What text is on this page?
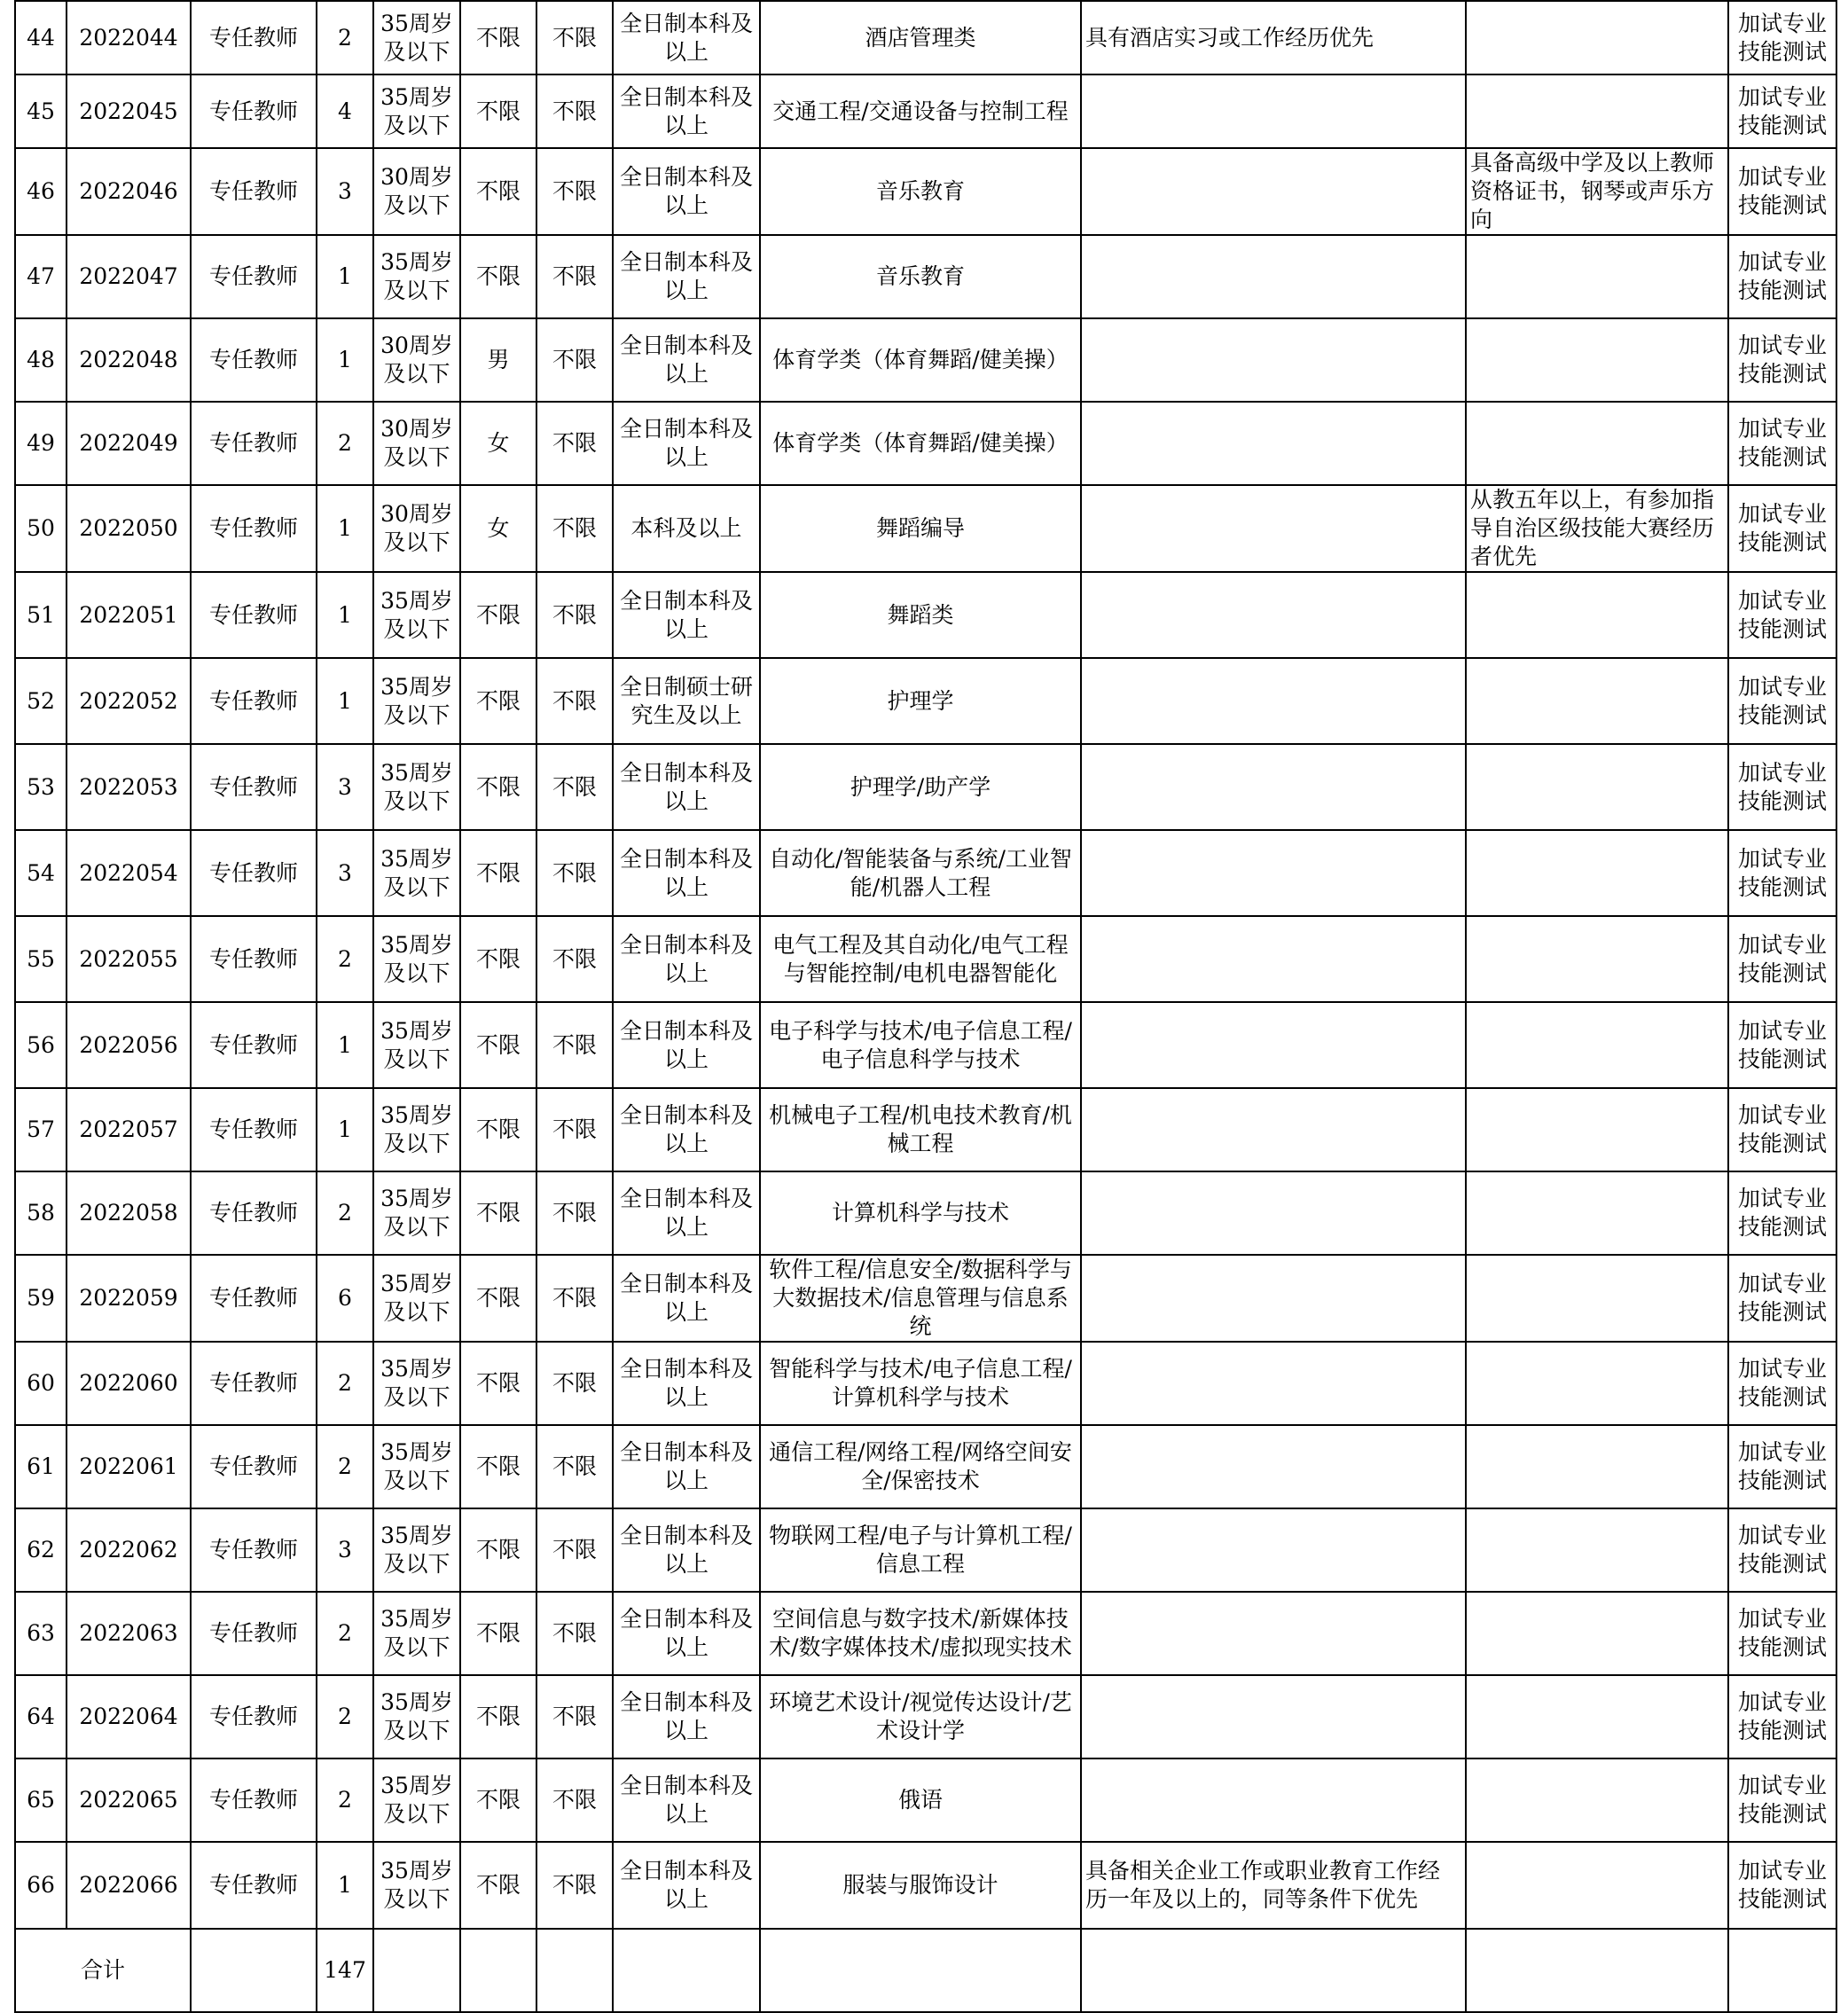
44	2022044	专任教师	2	35周岁及以下	不限	不限	全日制本科及以上	酒店管理类	具有酒店实习或工作经历优先		加试专业技能测试
45	2022045	专任教师	4	35周岁及以下	不限	不限	全日制本科及以上	交通工程/交通设备与控制工程			加试专业技能测试
46	2022046	专任教师	3	30周岁及以下	不限	不限	全日制本科及以上	音乐教育		具备高级中学及以上教师资格证书，钢琴或声乐方向	加试专业技能测试
47	2022047	专任教师	1	35周岁及以下	不限	不限	全日制本科及以上	音乐教育			加试专业技能测试
48	2022048	专任教师	1	30周岁及以下	男	不限	全日制本科及以上	体育学类（体育舞蹈/健美操）			加试专业技能测试
49	2022049	专任教师	2	30周岁及以下	女	不限	全日制本科及以上	体育学类（体育舞蹈/健美操）			加试专业技能测试
50	2022050	专任教师	1	30周岁及以下	女	不限	本科及以上	舞蹈编导		从教五年以上，有参加指导自治区级技能大赛经历者优先	加试专业技能测试
51	2022051	专任教师	1	35周岁及以下	不限	不限	全日制本科及以上	舞蹈类			加试专业技能测试
52	2022052	专任教师	1	35周岁及以下	不限	不限	全日制硕士研究生及以上	护理学			加试专业技能测试
53	2022053	专任教师	3	35周岁及以下	不限	不限	全日制本科及以上	护理学/助产学			加试专业技能测试
54	2022054	专任教师	3	35周岁及以下	不限	不限	全日制本科及以上	自动化/智能装备与系统/工业智能/机器人工程			加试专业技能测试
55	2022055	专任教师	2	35周岁及以下	不限	不限	全日制本科及以上	电气工程及其自动化/电气工程与智能控制/电机电器智能化			加试专业技能测试
56	2022056	专任教师	1	35周岁及以下	不限	不限	全日制本科及以上	电子科学与技术/电子信息工程/电子信息科学与技术			加试专业技能测试
57	2022057	专任教师	1	35周岁及以下	不限	不限	全日制本科及以上	机械电子工程/机电技术教育/机械工程			加试专业技能测试
58	2022058	专任教师	2	35周岁及以下	不限	不限	全日制本科及以上	计算机科学与技术			加试专业技能测试
59	2022059	专任教师	6	35周岁及以下	不限	不限	全日制本科及以上	软件工程/信息安全/数据科学与大数据技术/信息管理与信息系统			加试专业技能测试
60	2022060	专任教师	2	35周岁及以下	不限	不限	全日制本科及以上	智能科学与技术/电子信息工程/计算机科学与技术			加试专业技能测试
61	2022061	专任教师	2	35周岁及以下	不限	不限	全日制本科及以上	通信工程/网络工程/网络空间安全/保密技术			加试专业技能测试
62	2022062	专任教师	3	35周岁及以下	不限	不限	全日制本科及以上	物联网工程/电子与计算机工程/信息工程			加试专业技能测试
63	2022063	专任教师	2	35周岁及以下	不限	不限	全日制本科及以上	空间信息与数字技术/新媒体技术/数字媒体技术/虚拟现实技术			加试专业技能测试
64	2022064	专任教师	2	35周岁及以下	不限	不限	全日制本科及以上	环境艺术设计/视觉传达设计/艺术设计学			加试专业技能测试
65	2022065	专任教师	2	35周岁及以下	不限	不限	全日制本科及以上	俄语			加试专业技能测试
66	2022066	专任教师	1	35周岁及以下	不限	不限	全日制本科及以上	服装与服饰设计	具备相关企业工作或职业教育工作经历一年及以上的，同等条件下优先		加试专业技能测试
合计			147								
